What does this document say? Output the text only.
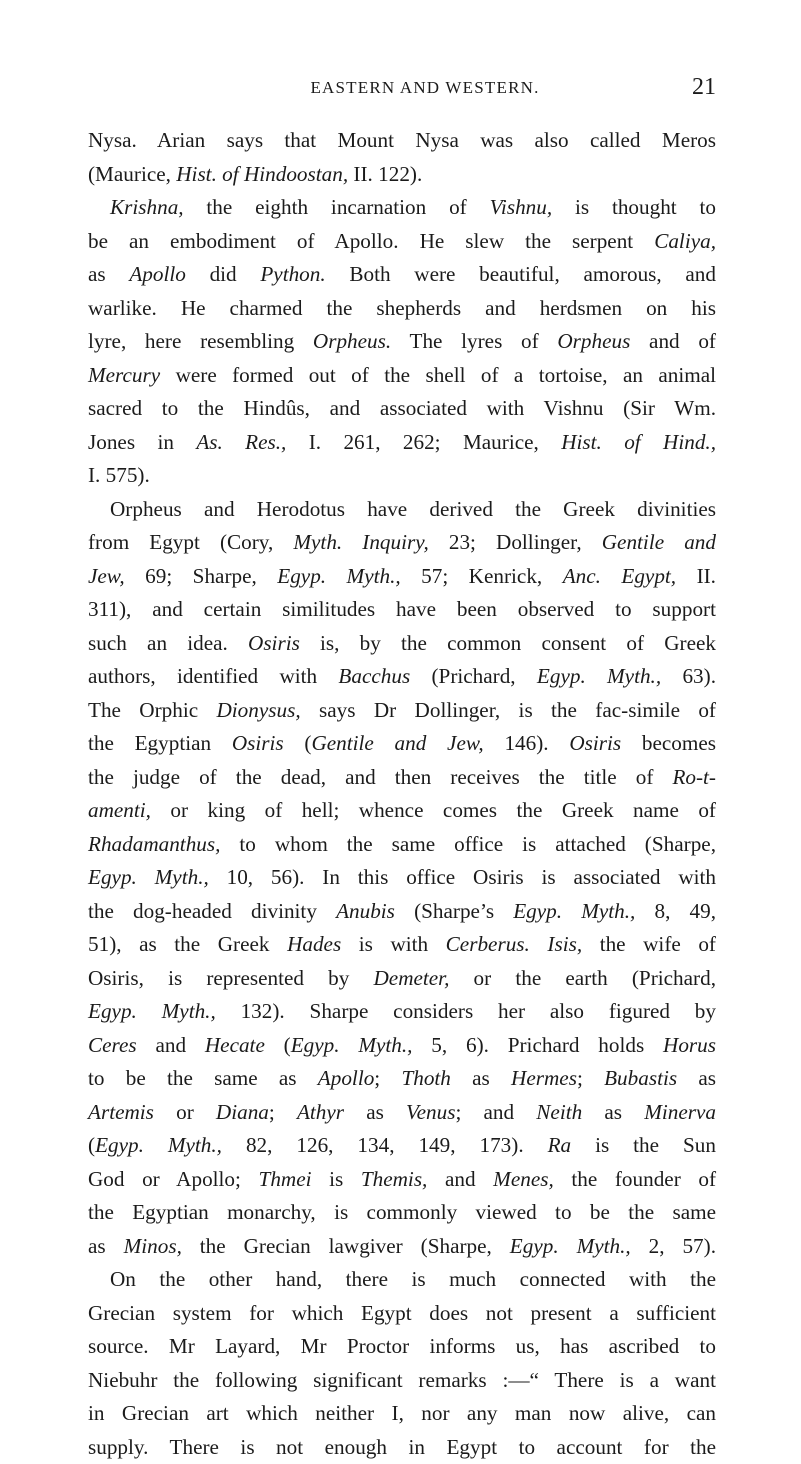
EASTERN AND WESTERN.	21
Nysa. Arian says that Mount Nysa was also called Meros
(Maurice, Hist. of Hindoostan, II. 122).
Krishna, the eighth incarnation of Vishnu, is thought to
be an embodiment of Apollo. He slew the serpent Caliya,
as Apollo did Python. Both were beautiful, amorous, and
warlike. He charmed the shepherds and herdsmen on his
lyre, here resembling Orpheus. The lyres of Orpheus and of
Mercury were formed out of the shell of a tortoise, an animal
sacred to the Hindûs, and associated with Vishnu (Sir Wm.
Jones in As. Res., I. 261, 262; Maurice, Hist. of Hind.,
I. 575).
Orpheus and Herodotus have derived the Greek divinities
from Egypt (Cory, Myth. Inquiry, 23; Dollinger, Gentile and
Jew, 69; Sharpe, Egyp. Myth., 57; Kenrick, Anc. Egypt, II.
311), and certain similitudes have been observed to support
such an idea. Osiris is, by the common consent of Greek
authors, identified with Bacchus (Prichard, Egyp. Myth., 63).
The Orphic Dionysus, says Dr Dollinger, is the fac-simile of
the Egyptian Osiris (Gentile and Jew, 146). Osiris becomes
the judge of the dead, and then receives the title of Ro-t-
amenti, or king of hell; whence comes the Greek name of
Rhadamanthus, to whom the same office is attached (Sharpe,
Egyp. Myth., 10, 56). In this office Osiris is associated with
the dog-headed divinity Anubis (Sharpe’s Egyp. Myth., 8, 49,
51), as the Greek Hades is with Cerberus. Isis, the wife of
Osiris, is represented by Demeter, or the earth (Prichard,
Egyp. Myth., 132). Sharpe considers her also figured by
Ceres and Hecate (Egyp. Myth., 5, 6). Prichard holds Horus
to be the same as Apollo; Thoth as Hermes; Bubastis as
Artemis or Diana; Athyr as Venus; and Neith as Minerva
(Egyp. Myth., 82, 126, 134, 149, 173). Ra is the Sun
God or Apollo; Thmei is Themis, and Menes, the founder of
the Egyptian monarchy, is commonly viewed to be the same
as Minos, the Grecian lawgiver (Sharpe, Egyp. Myth., 2, 57).
On the other hand, there is much connected with the
Grecian system for which Egypt does not present a sufficient
source. Mr Layard, Mr Proctor informs us, has ascribed to
Niebuhr the following significant remarks :—“ There is a want
in Grecian art which neither I, nor any man now alive, can
supply. There is not enough in Egypt to account for the
